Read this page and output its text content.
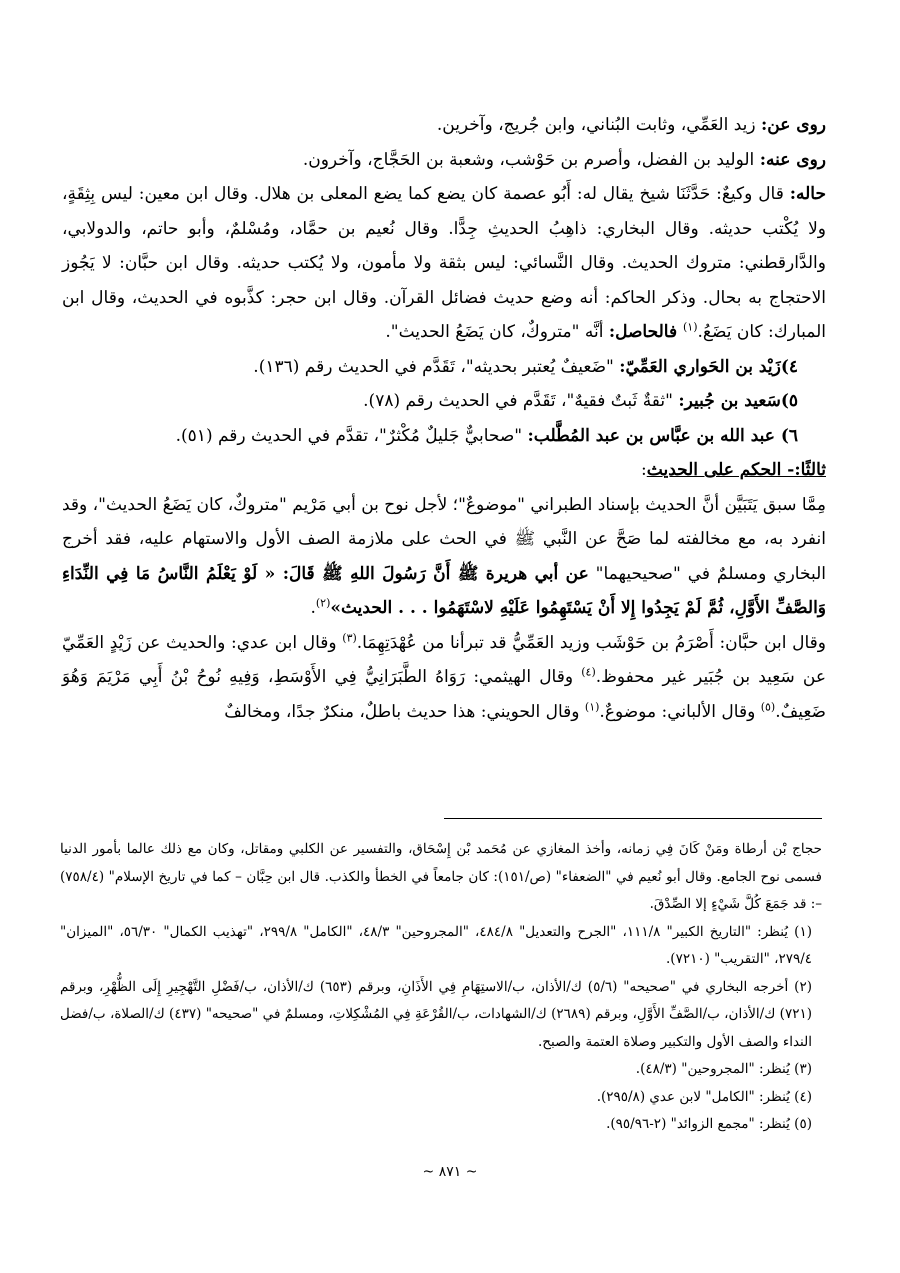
روى عن: زيد العَمِّي، وثابت البُناني، وابن جُريج، وآخرين.

روى عنه: الوليد بن الفضل، وأصرم بن حَوْشب، وشعبة بن الحَجَّاج، وآخرون.

حاله: قال وكيعٌ: حَدَّثَنَا شيخ يقال له: أَبُو عصمة كان يضع كما يضع المعلى بن هلال. وقال ابن معين: ليس بِثِقَةٍ، ولا يُكْتب حديثه. وقال البخاري: ذاهِبُ الحديثِ جِدًّا. وقال نُعيم بن حمَّاد، ومُسْلمٌ، وأبو حاتم، والدولابي، والدَّارقطني: متروك الحديث. وقال النَّسائي: ليس بثقة ولا مأمون، ولا يُكتب حديثه. وقال ابن حبَّان: لا يَجُوز الاحتجاج به بحال. وذكر الحاكم: أنه وضع حديث فضائل القرآن. وقال ابن حجر: كذَّبوه في الحديث، وقال ابن المبارك: كان يَضَعُ.$^{(١)}$ فالحاصل: أنَّه "متروكٌ، كان يَضَعُ الحديث".

٤)زَيْد بن الحَواري العَمِّيّ: "ضَعيفٌ يُعتبر بحديثه"، تَقَدَّم في الحديث رقم (١٣٦).

٥)سَعيد بن جُبير: "ثقةٌ ثَبتٌ فقيهٌ"، تَقَدَّم في الحديث رقم (٧٨).

٦) عبد الله بن عبَّاس بن عبد المُطَّلب: "صحابيٌّ جَليلٌ مُكْثرٌ"، تقدَّم في الحديث رقم (٥١).

ثالثًا:- الحكم على الحديث:

مِمَّا سبق يَتَبَيَّن أنَّ الحديث بإسناد الطبراني "موضوعٌ"؛ لأجل نوح بن أبي مَرْيم "متروكٌ، كان يَضَعُ الحديث"، وقد انفرد به، مع مخالفته لما صَحَّ عن النَّبي ﷺ في الحث على ملازمة الصف الأول والاستهام عليه، فقد أخرج البخاري ومسلمٌ في "صحيحيهما" عن أبي هريرة ﷺ أَنَّ رَسُولَ اللهِ ﷺ قَالَ: « لَوْ يَعْلَمُ النَّاسُ مَا فِي النِّدَاءِ وَالصَّفِّ الأَوَّلِ، ثُمَّ لَمْ يَجِدُوا إِلا أَنْ يَسْتَهِمُوا عَلَيْهِ لاسْتَهَمُوا . . . الحديث»$^{(٢)}$.

وقال ابن حبَّان: أَصْرَمُ بن حَوْشَب وزيد العَمِّيُّ قد تبرأنا من عُهْدَتِهِمَا.$^{(٣)}$ وقال ابن عدي: والحديث عن زَيْدٍ العَمِّيّ عن سَعِيد بن جُبَير غير محفوظ.$^{(٤)}$ وقال الهيثمي: رَوَاهُ الطَّبَرَانِيُّ فِي الأَوْسَطِ، وَفِيهِ نُوحُ بْنُ أَبِي مَرْيَمَ وَهُوَ ضَعِيفٌ.$^{(٥)}$ وقال الألباني: موضوعٌ.$^{(١)}$ وقال الحويني: هذا حديث باطلٌ، منكرٌ جدًا، ومخالفٌ

حجاج بْن أرطاة ومَنْ كَانَ فِي زمانه، وأخذ المغازي عن مُحَمد بْن إِسْحَاق، والتفسير عن الكلبي ومقاتل، وكان مع ذلك عالما بأمور الدنيا فسمى نوح الجامع. وقال أبو نُعيم في "الضعفاء" (ص/١٥١): كان جامعاً في الخطأ والكذب. قال ابن حِبَّان – كما في تاريخ الإسلام" (٧٥٨/٤) –: قد جَمَعَ كُلَّ شَيْءٍ إلا الصِّدْقَ.

(١) يُنظر: "التاريخ الكبير" ١١١/٨، "الجرح والتعديل" ٤٨٤/٨، "المجروحين" ٤٨/٣، "الكامل" ٢٩٩/٨، "تهذيب الكمال" ٥٦/٣٠، "الميزان" ٢٧٩/٤، "التقريب" (٧٢١٠).

(٢) أخرجه البخاري في "صحيحه" (٥/٦) ك/الأذان، ب/الاستِهَامِ فِي الأَذَانِ، وبرقم (٦٥٣) ك/الأذان، ب/فَضْلِ التَّهْجِيرِ إِلَى الظُّهْرِ، وبرقم (٧٢١) ك/الأذان، ب/الصَّفِّ الأَوَّلِ، وبرقم (٢٦٨٩) ك/الشهادات، ب/القُرْعَةِ فِي المُشْكِلاتِ، ومسلمٌ في "صحيحه" (٤٣٧) ك/الصلاة، ب/فضل النداء والصف الأول والتكبير وصلاة العتمة والصبح.

(٣) يُنظر: "المجروحين" (٤٨/٣).

(٤) يُنظر: "الكامل" لابن عدي (٢٩٥/٨).

(٥) يُنظر: "مجمع الزوائد" (٢-٩٥/٩٦).

~ ٨٧١ ~
